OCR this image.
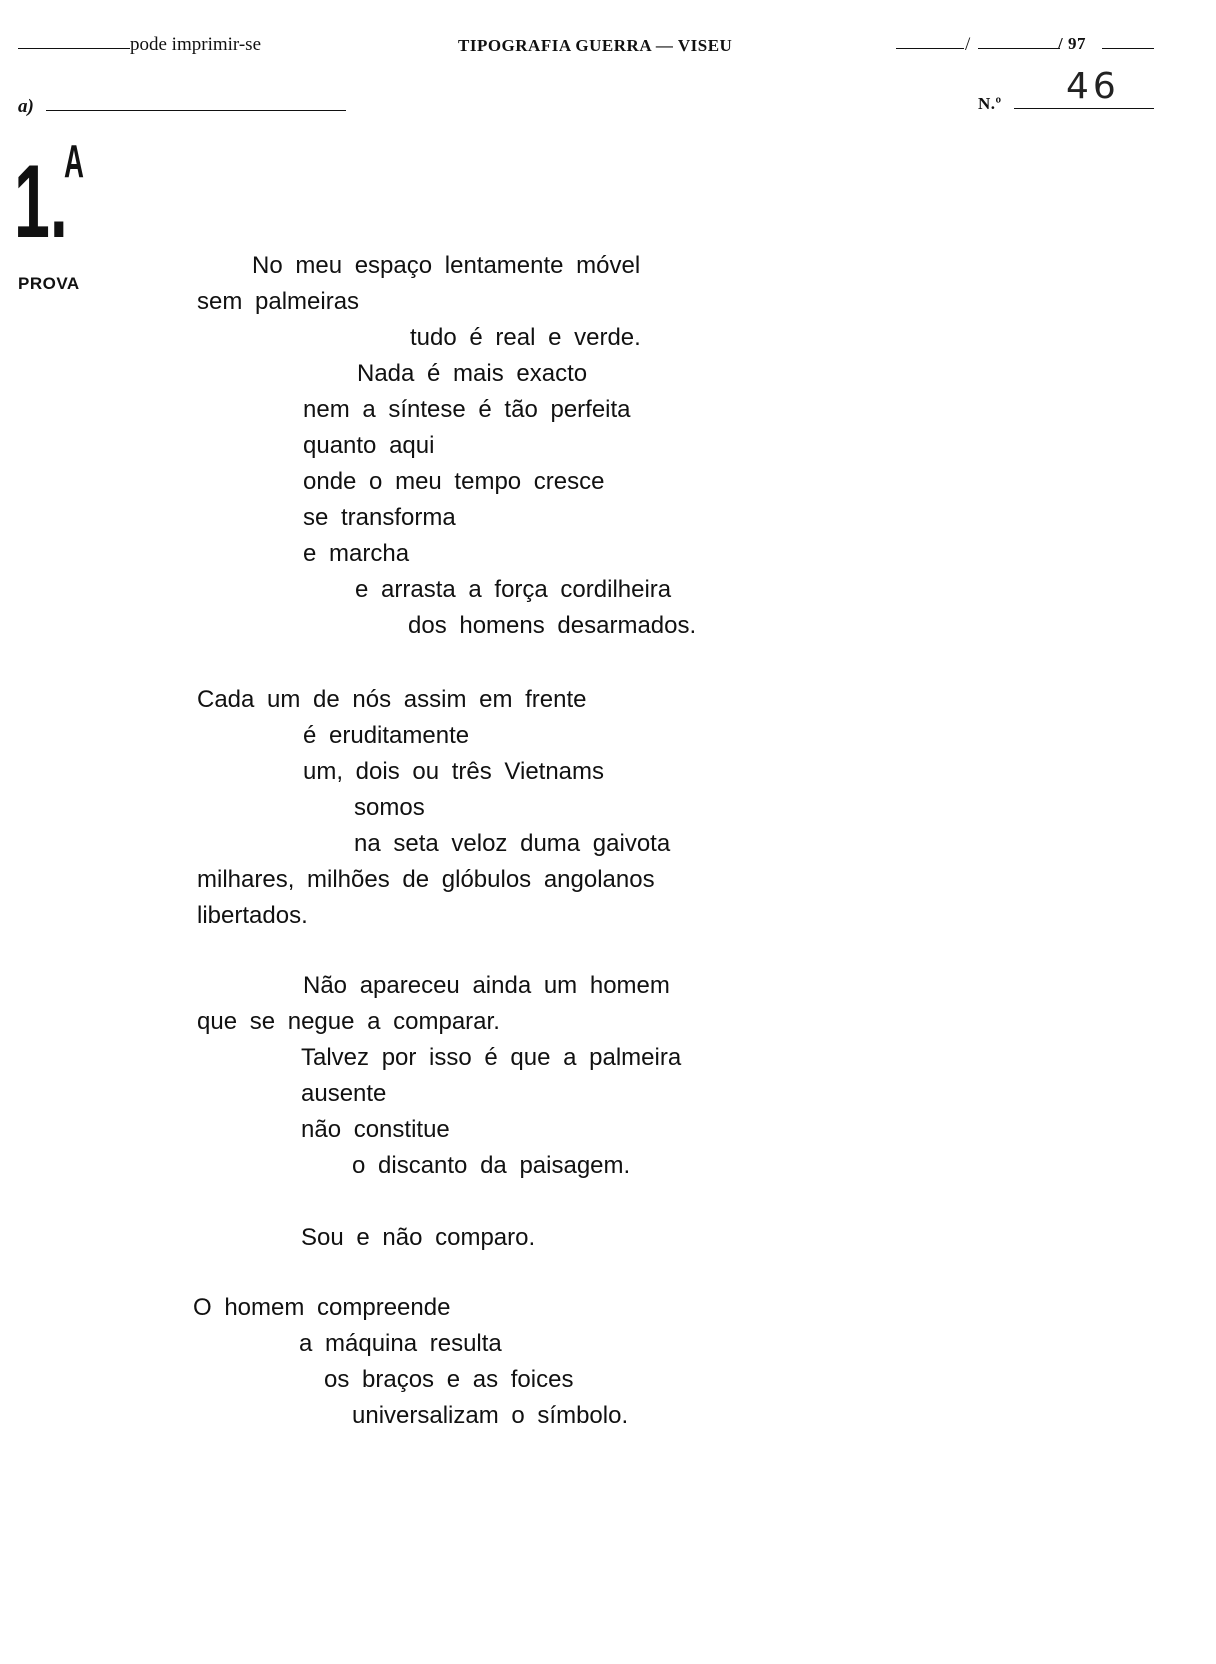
pode imprimir-se	TIPOGRAFIA GUERRA — VISEU	/	/ 97
a)	N.º 46
1.
A
PROVA
No meu espaço lentamente móvel
sem palmeiras
tudo é real e verde.
Nada é mais exacto
nem a síntese é tão perfeita
quanto aqui
onde o meu tempo cresce
se transforma
e marcha
e arrasta a força cordilheira
dos homens desarmados.
Cada um de nós assim em frente
é eruditamente
um, dois ou três Vietnams
somos
na seta veloz duma gaivota
milhares, milhões de glóbulos angolanos
libertados.
Não apareceu ainda um homem
que se negue a comparar.
Talvez por isso é que a palmeira
ausente
não constitue
o discanto da paisagem.
Sou e não comparo.
O homem compreende
a máquina resulta
os braços e as foices
universalizam o símbolo.
